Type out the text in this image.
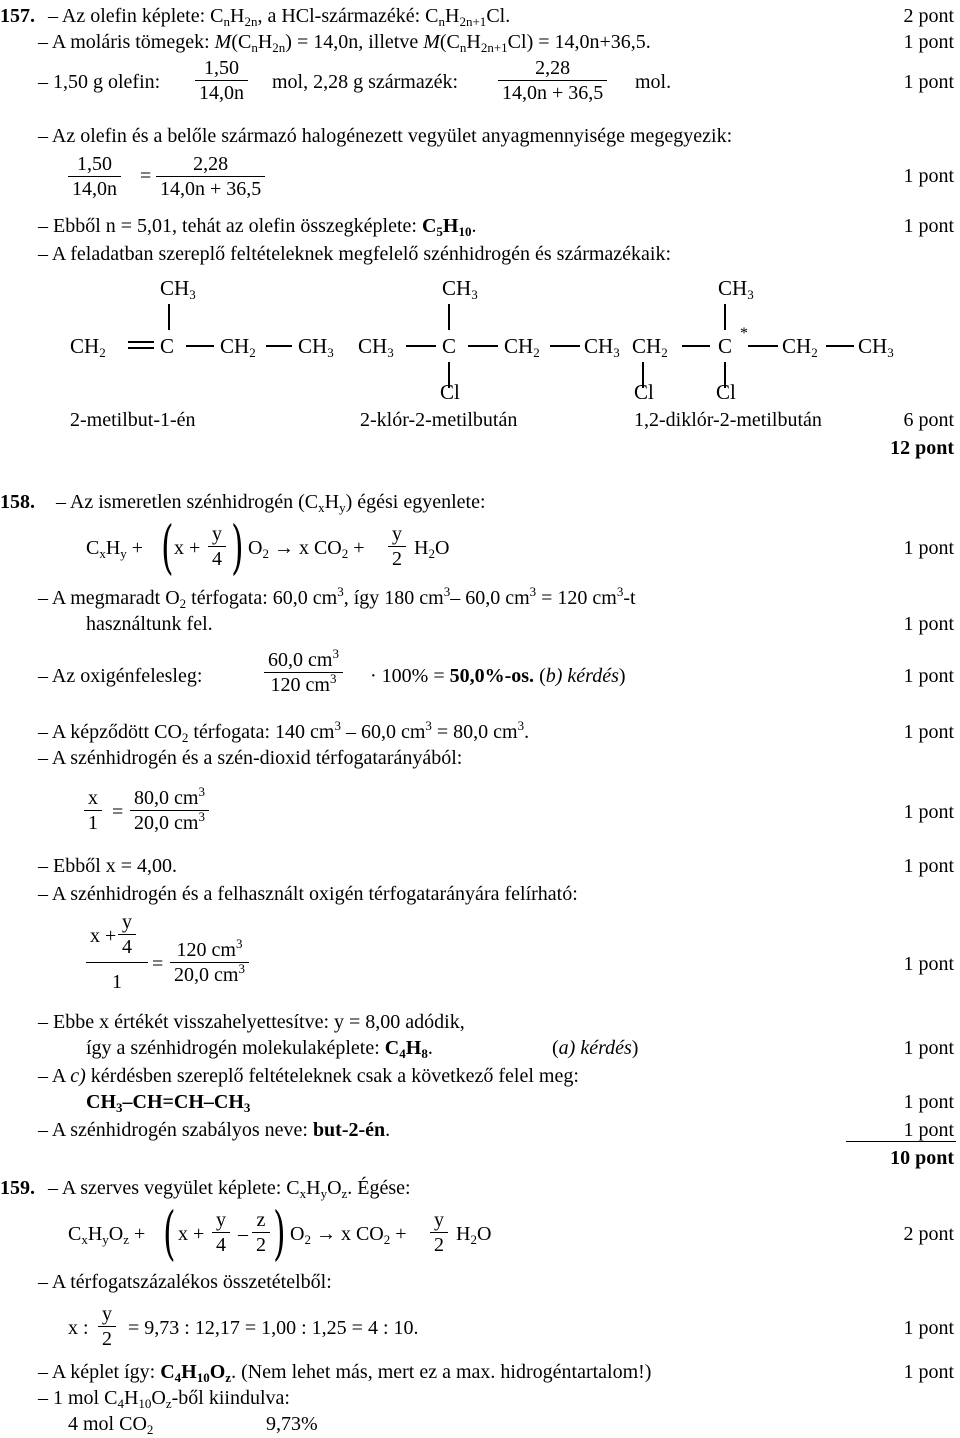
157. – Az olefin képlete: $C_nH_{2n}$, a HCl-származéké: $C_nH_{2n+1}Cl$.	2 pont
– A moláris tömegek: $M(C_nH_{2n}) = 14,0n$, illetve $M(C_nH_{2n+1}Cl) = 14,0n+36,5$.	1 pont
– 1,50 g olefin: $\frac{1,50}{14,0n}$ mol, 2,28 g származék: $\frac{2,28}{14,0n + 36,5}$ mol.	1 pont
– Az olefin és a belőle származó halogénezett vegyület anyagmennyisége megegyezik:
$\frac{1,50}{14,0n} = \frac{2,28}{14,0n + 36,5}$	1 pont
– Ebből n = 5,01, tehát az olefin összegképlete: $C_5H_{10}$.	1 pont
– A feladatban szereplő feltételeknek megfelelő szénhidrogén és származékaik:
$CH_3$
$CH_2$	C $CH_2$ $CH_3$
$CH_3$
$CH_3$ C $CH_2$ $CH_3$
Cl
$CH_3$
$CH_2$ C
*
$CH_2$ $CH_3$
Cl	Cl
2-metilbut-1-én	2-klór-2-metilbután	1,2-diklór-2-metilbután	6 pont
12 pont
158. – Az ismeretlen szénhidrogén $(C_xH_y)$ égési egyenlete:
$C_xH_y$ + ( $x + \frac{y}{4}$ ) $O_2 \to x$ $CO_2 + \frac{y}{2} H_2O$	1 pont
– A megmaradt $O_2$ térfogata: 60,0 $cm^3$, így 180 $cm^3-$ 60,0 $cm^3 = 120$ $cm^3-t$
használtunk fel.	1 pont
– Az oxigénfelesleg:	$\frac{60,0 cm^3}{120 cm^3} \cdot 100\% = 50,0\%-os$. (b) kérdés)	1 pont
– A képződött $CO_2$ térfogata: 140 $cm^3 - 60,0$ $cm^3 = 80,0$ $cm^3$.	1 pont
– A szénhidrogén és a szén-dioxid térfogatarányából:
$\frac{x}{1} = \frac{80,0 cm^3}{20,0 cm^3}$	1 pont
– Ebből x = 4,00.	1 pont
– A szénhidrogén és a felhasznált oxigén térfogatarányára felírható:
$x + \frac{y}{4}$
1
= $\frac{120 cm^3}{20,0 cm^3}$	1 pont
– Ebbe x értékét visszahelyettesítve: y = 8,00 adódik,
így a szénhidrogén molekulaképlete: $C_4H_8$.	(a) kérdés)	1 pont
– A c) kérdésben szereplő feltételeknek csak a következő felel meg:
$CH_3-CH=CH-CH_3$	1 pont
– A szénhidrogén szabályos neve: but-2-én.	1 pont
10 pont
159. – A szerves vegyület képlete: $C_xH_yO_z$. Égése:
$C_xH_yO_z$ + ( $x + \frac{y}{4} - \frac{z}{2}$ ) $O_2 \to x$ $CO_2 + \frac{y}{2} H_2O$	2 pont
– A térfogatszázalékos összetételből:
x : $\frac{y}{2} = 9,73$ : 12,17 = 1,00 : 1,25 = 4 : 10.	1 pont
– A képlet így: $C_4H_{10}O_z$. (Nem lehet más, mert ez a max. hidrogéntartalom!)	1 pont
– 1 mol $C_4H_{10}O_z$-ből kiindulva:
4 mol $CO_2$	9,73%
